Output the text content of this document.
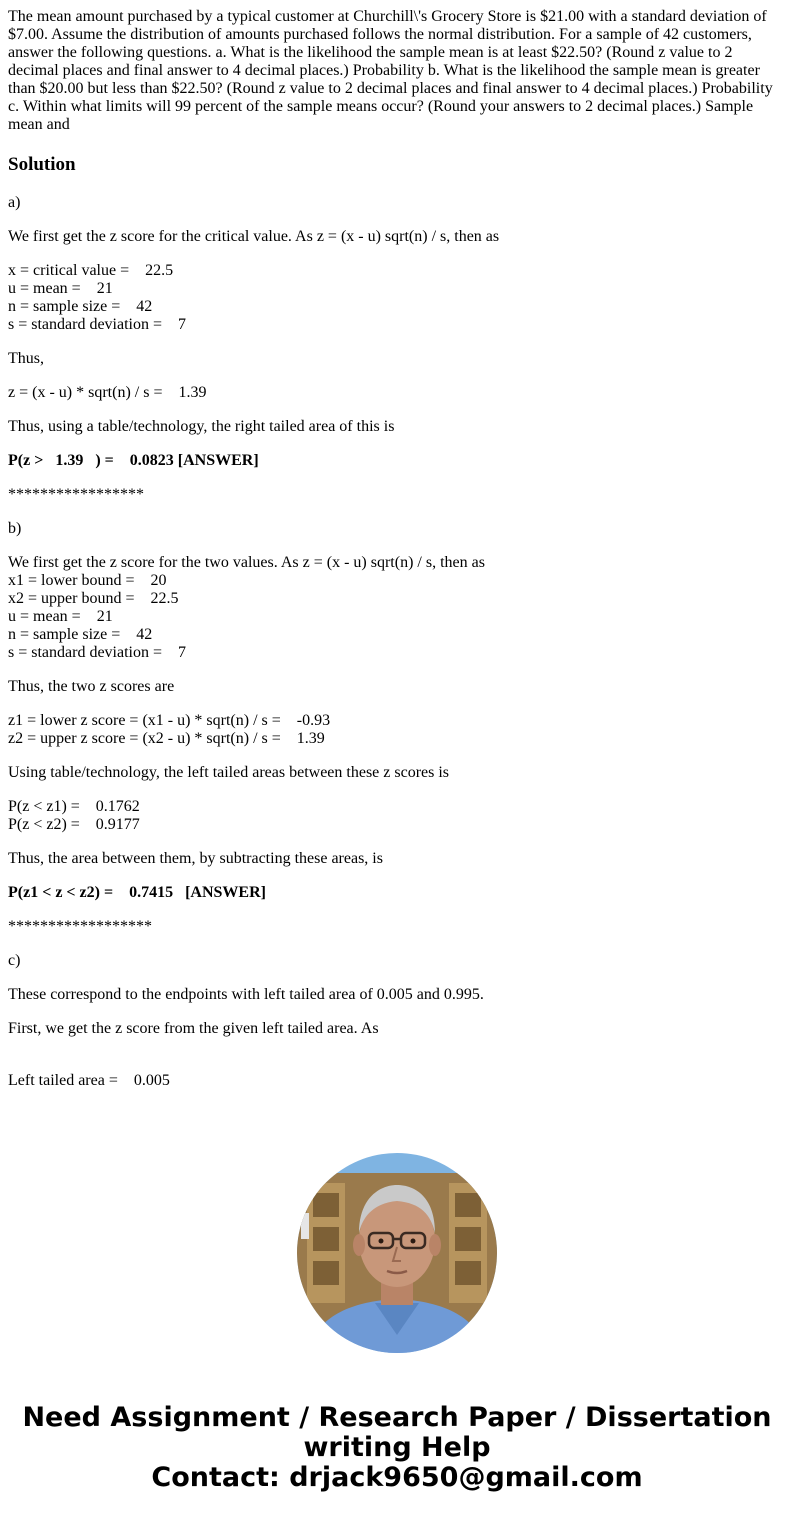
The mean amount purchased by a typical customer at Churchill\'s Grocery Store is $21.00 with a standard deviation of $7.00. Assume the distribution of amounts purchased follows the normal distribution. For a sample of 42 customers, answer the following questions. a. What is the likelihood the sample mean is at least $22.50? (Round z value to 2 decimal places and final answer to 4 decimal places.) Probability b. What is the likelihood the sample mean is greater than $20.00 but less than $22.50? (Round z value to 2 decimal places and final answer to 4 decimal places.) Probability c. Within what limits will 99 percent of the sample means occur? (Round your answers to 2 decimal places.) Sample mean and
Solution

a)

We first get the z score for the critical value. As z = (x - u) sqrt(n) / s, then as

x = critical value =    22.5
u = mean =    21
n = sample size =    42
s = standard deviation =    7

Thus,

z = (x - u) * sqrt(n) / s =    1.39

Thus, using a table/technology, the right tailed area of this is

P(z >   1.39   ) =    0.0823 [ANSWER]

*****************

b)

We first get the z score for the two values. As z = (x - u) sqrt(n) / s, then as
x1 = lower bound =    20
x2 = upper bound =    22.5
u = mean =    21
n = sample size =    42
s = standard deviation =    7

Thus, the two z scores are

z1 = lower z score = (x1 - u) * sqrt(n) / s =    -0.93
z2 = upper z score = (x2 - u) * sqrt(n) / s =    1.39

Using table/technology, the left tailed areas between these z scores is

P(z < z1) =    0.1762
P(z < z2) =    0.9177

Thus, the area between them, by subtracting these areas, is

P(z1 < z < z2) =    0.7415   [ANSWER]

******************

c)

These correspond to the endpoints with left tailed area of 0.005 and 0.995.

First, we get the z score from the given left tailed area. As

Left tailed area =    0.005

Need Assignment / Research Paper / Dissertation
writing Help
Contact: drjack9650@gmail.com
